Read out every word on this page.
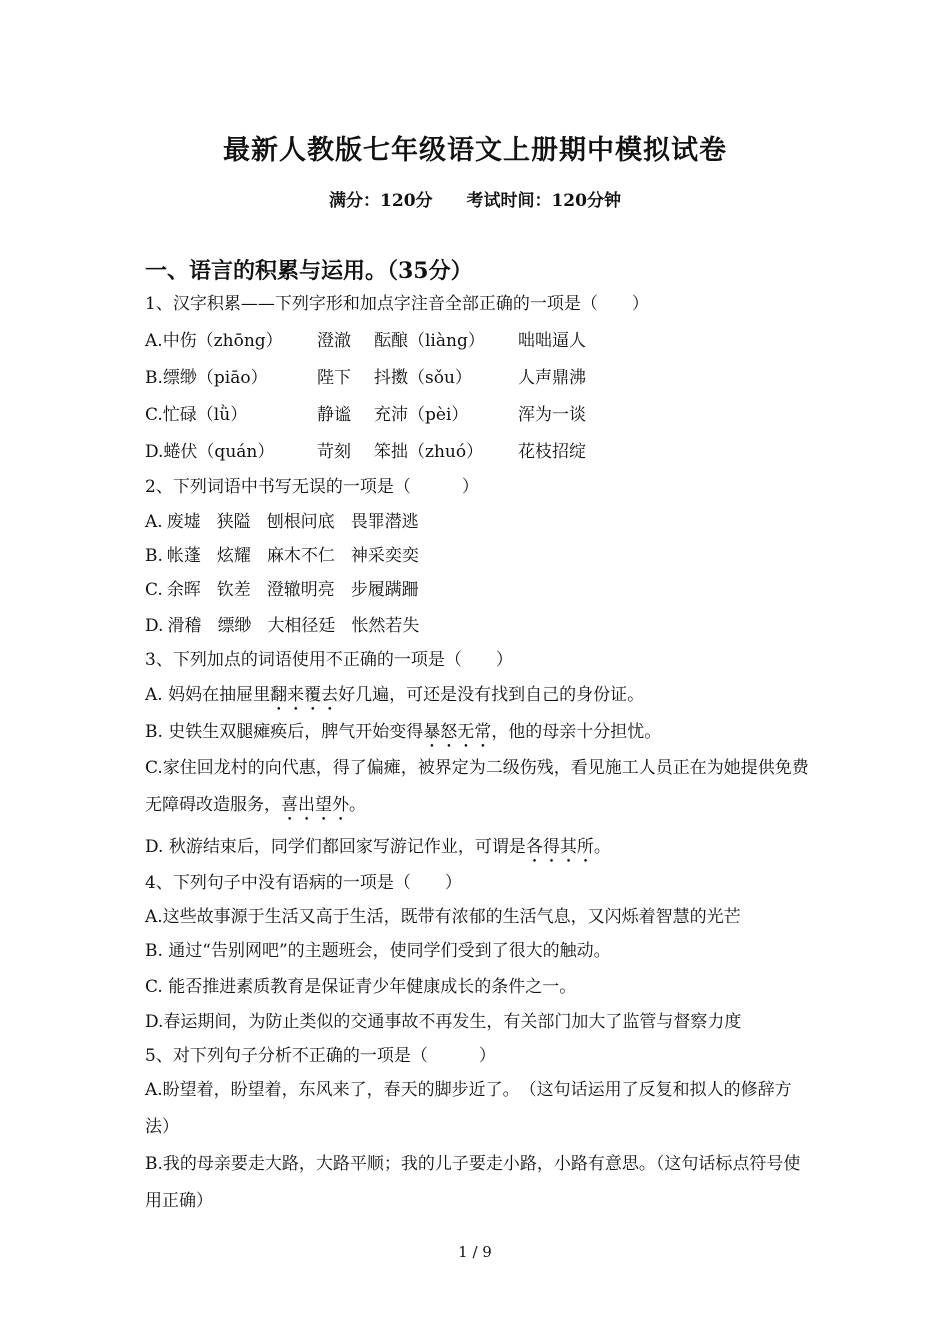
最新人教版七年级语文上册期中模拟试卷
满分：120分 考试时间：120分钟
一、语言的积累与运用。（35分）
1、汉字积累——下列字形和加点字注音全部正确的一项是（　　）
A.中伤（zhōng）	澄澈	酝酿（liàng）	咄咄逼人
B.缥缈（piāo）	陛下	抖擞（sǒu）	人声鼎沸
C.忙碌（lǜ）	静谧	充沛（pèi）	浑为一谈
D.蜷伏（quán）	苛刻	笨拙（zhuó）	花枝招绽
2、下列词语中书写无误的一项是（　　　）
A. 废墟 狭隘 刨根问底 畏罪潜逃
B. 帐蓬 炫耀 麻木不仁 神采奕奕
C. 余晖 钦差 澄辙明亮 步履蹒跚
D. 滑稽 缥缈 大相径廷 怅然若失
3、下列加点的词语使用不正确的一项是（　　）
A. 妈妈在抽屉里翻来覆去好几遍，可还是没有找到自己的身份证。
B. 史铁生双腿瘫痪后，脾气开始变得暴怒无常，他的母亲十分担忧。
C.家住回龙村的向代惠，得了偏瘫，被界定为二级伤残，看见施工人员正在为她提供免费无障碍改造服务，喜出望外。
D. 秋游结束后，同学们都回家写游记作业，可谓是各得其所。
4、下列句子中没有语病的一项是（　　）
A.这些故事源于生活又高于生活，既带有浓郁的生活气息，又闪烁着智慧的光芒
B. 通过“告别网吧”的主题班会，使同学们受到了很大的触动。
C. 能否推进素质教育是保证青少年健康成长的条件之一。
D.春运期间，为防止类似的交通事故不再发生，有关部门加大了监管与督察力度
5、对下列句子分析不正确的一项是（　　　）
A.盼望着，盼望着，东风来了，春天的脚步近了。　（这句话运用了反复和拟人的修辞方法）
B.我的母亲要走大路，大路平顺；我的儿子要走小路，小路有意思。（这句话标点符号使用正确）
1 / 9
